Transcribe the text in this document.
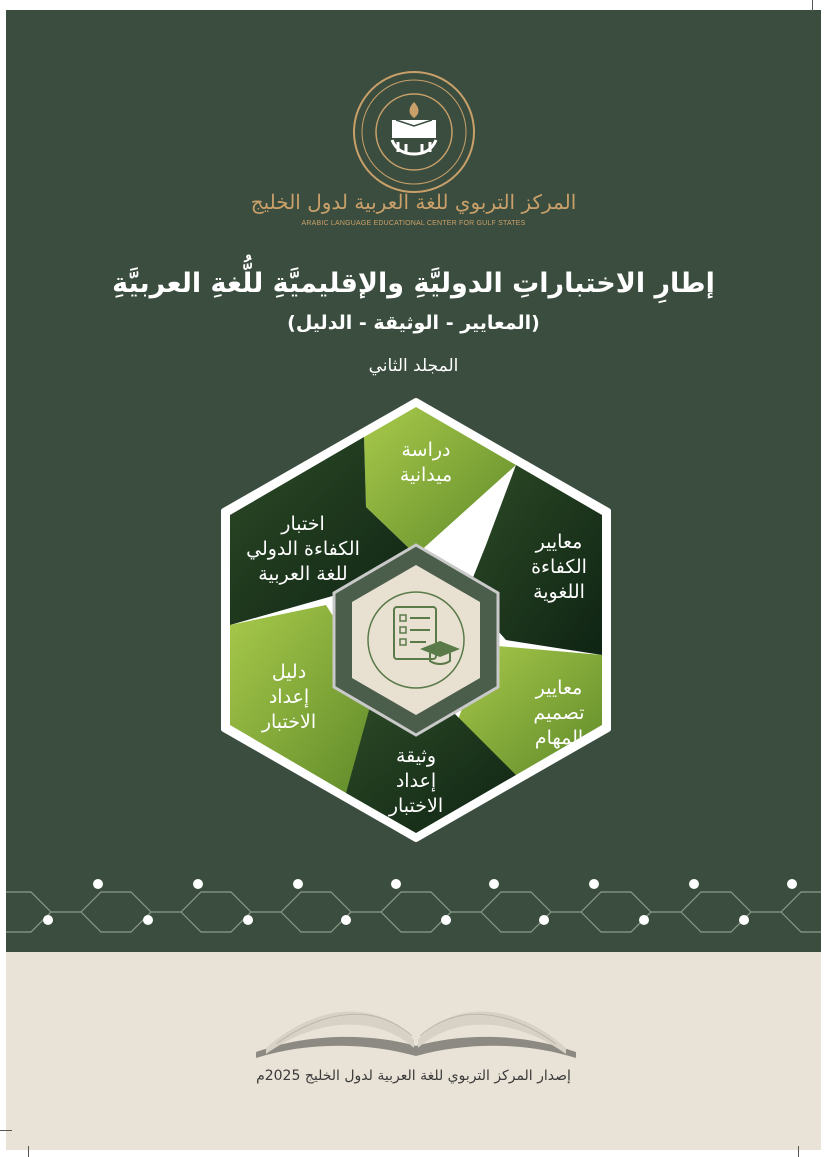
المركز التربوي للغة العربية لدول الخليج
ARABIC LANGUAGE EDUCATIONAL CENTER FOR GULF STATES
إطارِ الاختباراتِ الدوليَّةِ والإقليميَّةِ للُّغةِ العربيَّةِ
(المعايير - الوثيقة - الدليل)
المجلد الثاني
دراسة
ميدانية
معايير
الكفاءة
اللغوية
معايير
تصميم
المهام
وثيقة
إعداد
الاختبار
دليل
إعداد
الاختبار
اختبار
الكفاءة الدولي
للغة العربية
إصدار المركز التربوي للغة العربية لدول الخليج 2025م
